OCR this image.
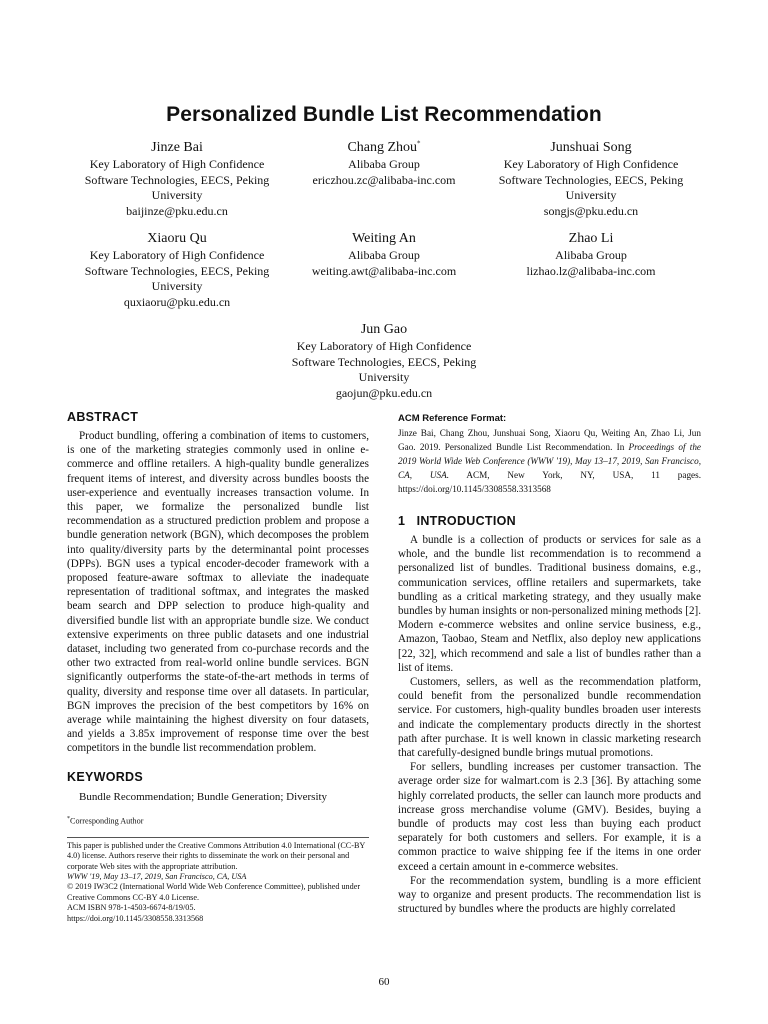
Personalized Bundle List Recommendation
Jinze Bai
Key Laboratory of High Confidence
Software Technologies, EECS, Peking
University
baijinze@pku.edu.cn
Chang Zhou*
Alibaba Group
ericzhou.zc@alibaba-inc.com
Junshuai Song
Key Laboratory of High Confidence
Software Technologies, EECS, Peking
University
songjs@pku.edu.cn
Xiaoru Qu
Key Laboratory of High Confidence
Software Technologies, EECS, Peking
University
quxiaoru@pku.edu.cn
Weiting An
Alibaba Group
weiting.awt@alibaba-inc.com
Zhao Li
Alibaba Group
lizhao.lz@alibaba-inc.com
Jun Gao
Key Laboratory of High Confidence
Software Technologies, EECS, Peking
University
gaojun@pku.edu.cn
ABSTRACT

Product bundling, offering a combination of items to customers, is one of the marketing strategies commonly used in online e-commerce and offline retailers. A high-quality bundle generalizes frequent items of interest, and diversity across bundles boosts the user-experience and eventually increases transaction volume. In this paper, we formalize the personalized bundle list recommendation as a structured prediction problem and propose a bundle generation network (BGN), which decomposes the problem into quality/diversity parts by the determinantal point processes (DPPs). BGN uses a typical encoder-decoder framework with a proposed feature-aware softmax to alleviate the inadequate representation of traditional softmax, and integrates the masked beam search and DPP selection to produce high-quality and diversified bundle list with an appropriate bundle size. We conduct extensive experiments on three public datasets and one industrial dataset, including two generated from co-purchase records and the other two extracted from real-world online bundle services. BGN significantly outperforms the state-of-the-art methods in terms of quality, diversity and response time over all datasets. In particular, BGN improves the precision of the best competitors by 16% on average while maintaining the highest diversity on four datasets, and yields a 3.85x improvement of response time over the best competitors in the bundle list recommendation problem.

KEYWORDS

Bundle Recommendation; Bundle Generation; Diversity

*Corresponding Author

This paper is published under the Creative Commons Attribution 4.0 International (CC-BY 4.0) license. Authors reserve their rights to disseminate the work on their personal and corporate Web sites with the appropriate attribution.

WWW '19, May 13–17, 2019, San Francisco, CA, USA

© 2019 IW3C2 (International World Wide Web Conference Committee), published under Creative Commons CC-BY 4.0 License.

ACM ISBN 978-1-4503-6674-8/19/05.

https://doi.org/10.1145/3308558.3313568

ACM Reference Format:

Jinze Bai, Chang Zhou, Junshuai Song, Xiaoru Qu, Weiting An, Zhao Li, Jun Gao. 2019. Personalized Bundle List Recommendation. In Proceedings of the 2019 World Wide Web Conference (WWW '19), May 13–17, 2019, San Francisco, CA, USA. ACM, New York, NY, USA, 11 pages. https://doi.org/10.1145/3308558.3313568

1   INTRODUCTION

A bundle is a collection of products or services for sale as a whole, and the bundle list recommendation is to recommend a personalized list of bundles. Traditional business domains, e.g., communication services, offline retailers and supermarkets, take bundling as a critical marketing strategy, and they usually make bundles by human insights or non-personalized mining methods [2]. Modern e-commerce websites and online service business, e.g., Amazon, Taobao, Steam and Netflix, also deploy new applications [22, 32], which recommend and sale a list of bundles rather than a list of items.

Customers, sellers, as well as the recommendation platform, could benefit from the personalized bundle recommendation service. For customers, high-quality bundles broaden user interests and indicate the complementary products directly in the shortest path after purchase. It is well known in classic marketing research that carefully-designed bundle brings mutual promotions.

For sellers, bundling increases per customer transaction. The average order size for walmart.com is 2.3 [36]. By attaching some highly correlated products, the seller can launch more products and increase gross merchandise volume (GMV). Besides, buying a bundle of products may cost less than buying each product separately for both customers and sellers. For example, it is a common practice to waive shipping fee if the items in one order exceed a certain amount in e-commerce websites.

For the recommendation system, bundling is a more efficient way to organize and present products. The recommendation list is structured by bundles where the products are highly correlated

60
